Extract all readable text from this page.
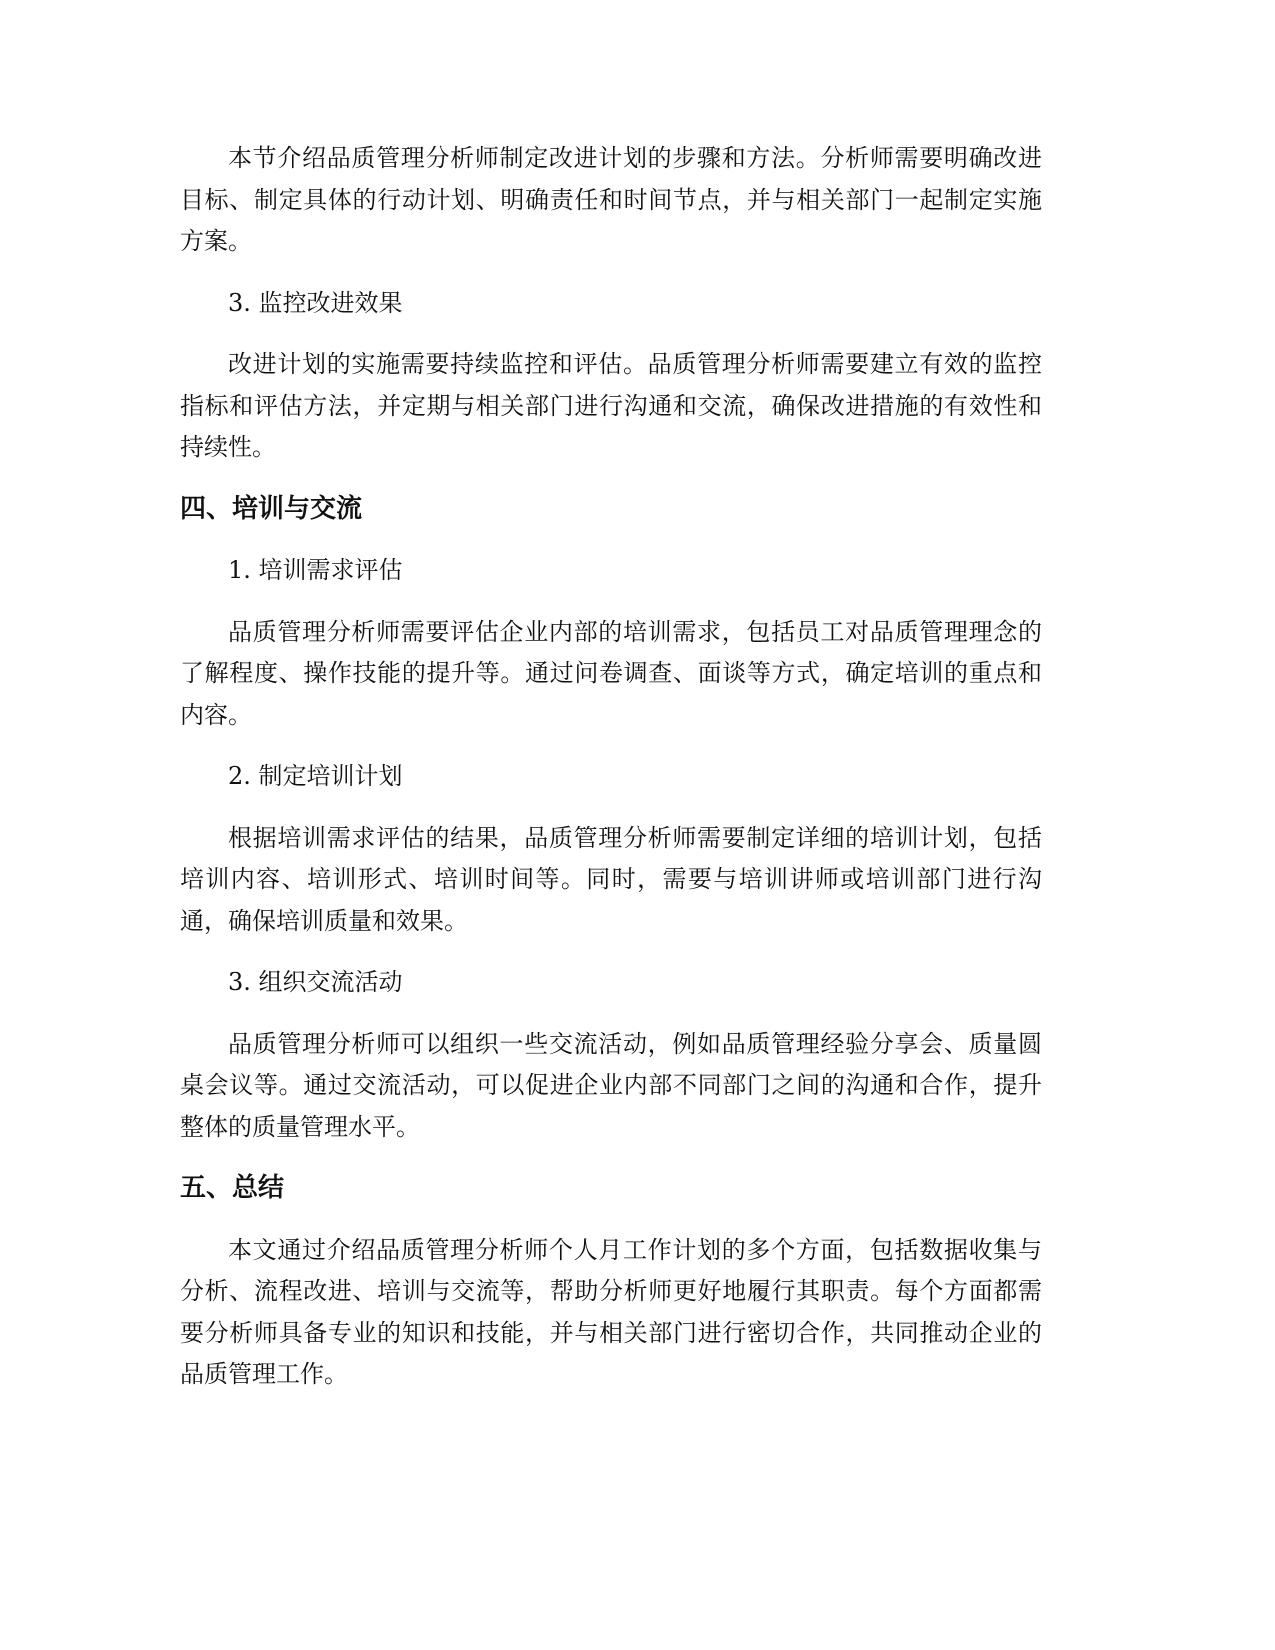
本节介绍品质管理分析师制定改进计划的步骤和方法。分析师需要明确改进目标、制定具体的行动计划、明确责任和时间节点，并与相关部门一起制定实施方案。

3. 监控改进效果

改进计划的实施需要持续监控和评估。品质管理分析师需要建立有效的监控指标和评估方法，并定期与相关部门进行沟通和交流，确保改进措施的有效性和持续性。

四、培训与交流

1. 培训需求评估

品质管理分析师需要评估企业内部的培训需求，包括员工对品质管理理念的了解程度、操作技能的提升等。通过问卷调查、面谈等方式，确定培训的重点和内容。

2. 制定培训计划

根据培训需求评估的结果，品质管理分析师需要制定详细的培训计划，包括培训内容、培训形式、培训时间等。同时，需要与培训讲师或培训部门进行沟通，确保培训质量和效果。

3. 组织交流活动

品质管理分析师可以组织一些交流活动，例如品质管理经验分享会、质量圆桌会议等。通过交流活动，可以促进企业内部不同部门之间的沟通和合作，提升整体的质量管理水平。

五、总结

本文通过介绍品质管理分析师个人月工作计划的多个方面，包括数据收集与分析、流程改进、培训与交流等，帮助分析师更好地履行其职责。每个方面都需要分析师具备专业的知识和技能，并与相关部门进行密切合作，共同推动企业的品质管理工作。
